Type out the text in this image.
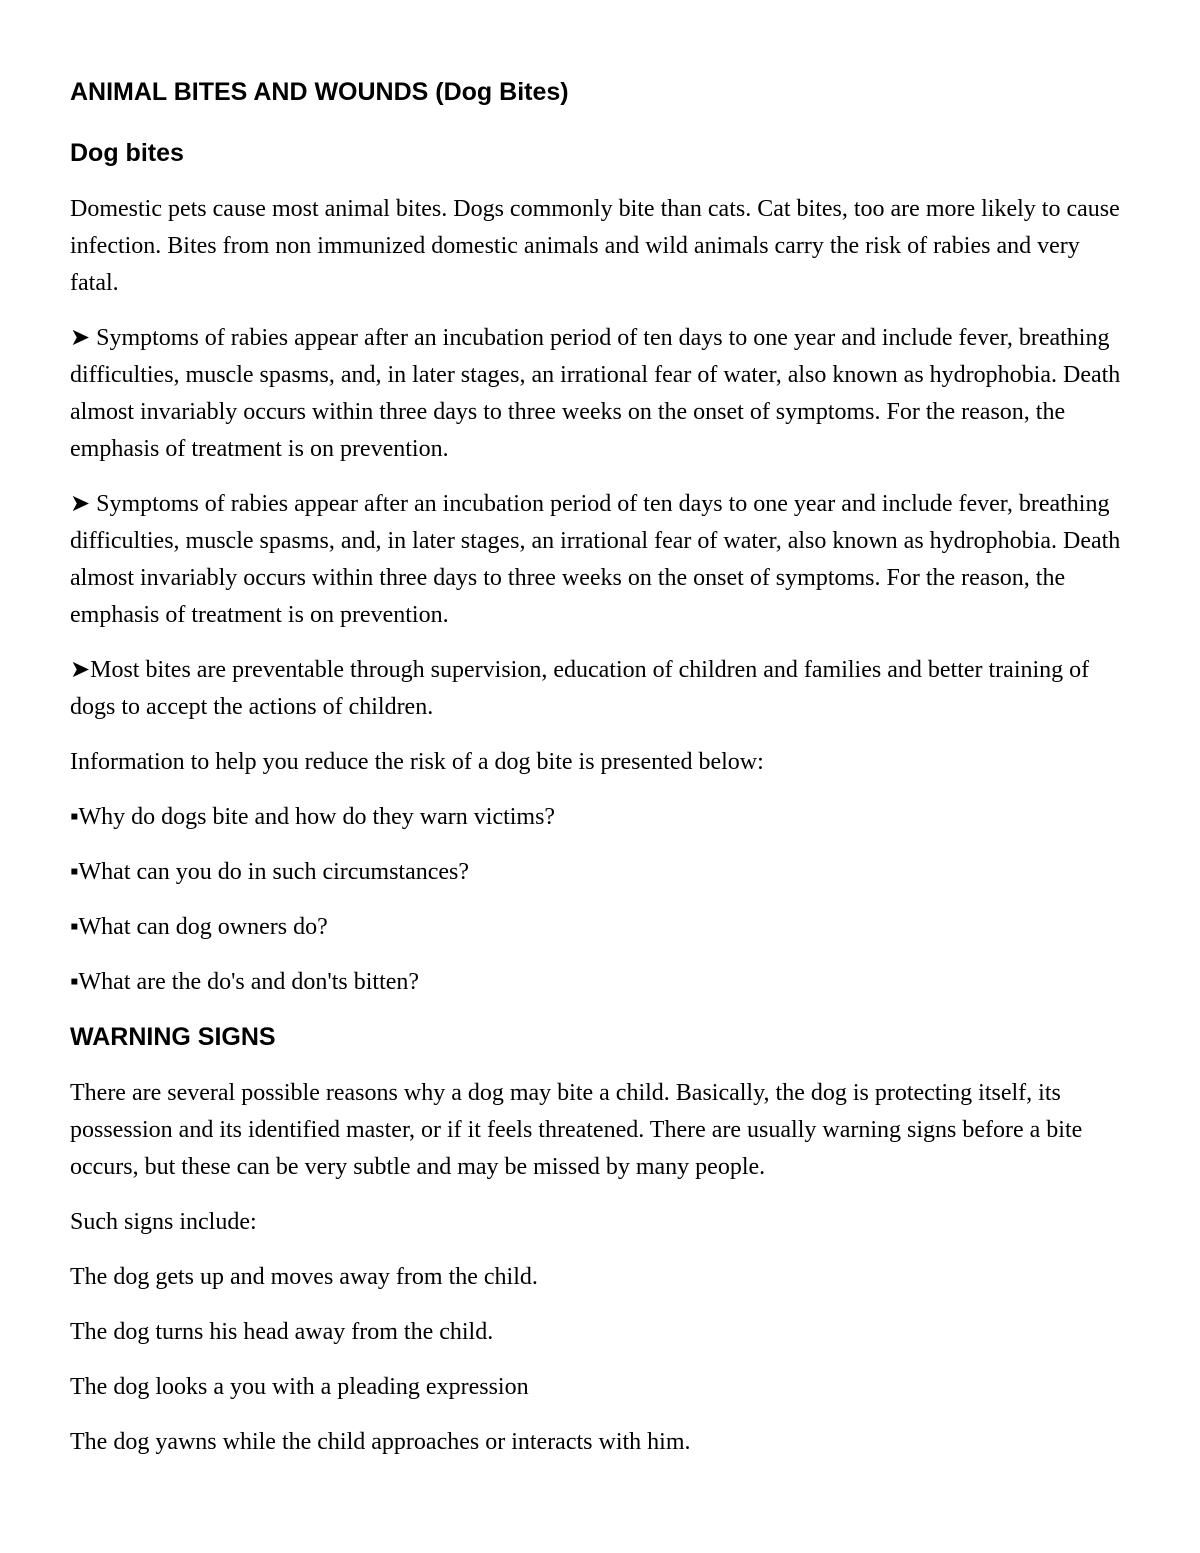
ANIMAL BITES AND WOUNDS (Dog Bites)
Dog bites

Domestic pets cause most animal bites. Dogs commonly bite than cats. Cat bites, too are more likely to cause infection. Bites from non immunized domestic animals and wild animals carry the risk of rabies and very fatal.

➤ Symptoms of rabies appear after an incubation period of ten days to one year and include fever, breathing difficulties, muscle spasms, and, in later stages, an irrational fear of water, also known as hydrophobia. Death almost invariably occurs within three days to three weeks on the onset of symptoms. For the reason, the emphasis of treatment is on prevention.

➤ Symptoms of rabies appear after an incubation period of ten days to one year and include fever, breathing difficulties, muscle spasms, and, in later stages, an irrational fear of water, also known as hydrophobia. Death almost invariably occurs within three days to three weeks on the onset of symptoms. For the reason, the emphasis of treatment is on prevention.

➤Most bites are preventable through supervision, education of children and families and better training of dogs to accept the actions of children.

Information to help you reduce the risk of a dog bite is presented below:

▪Why do dogs bite and how do they warn victims?

▪What can you do in such circumstances?

▪What can dog owners do?

▪What are the do's and don'ts bitten?

WARNING SIGNS

There are several possible reasons why a dog may bite a child. Basically, the dog is protecting itself, its possession and its identified master, or if it feels threatened. There are usually warning signs before a bite occurs, but these can be very subtle and may be missed by many people.

Such signs include:

The dog gets up and moves away from the child.

The dog turns his head away from the child.

The dog looks a you with a pleading expression

The dog yawns while the child approaches or interacts with him.
